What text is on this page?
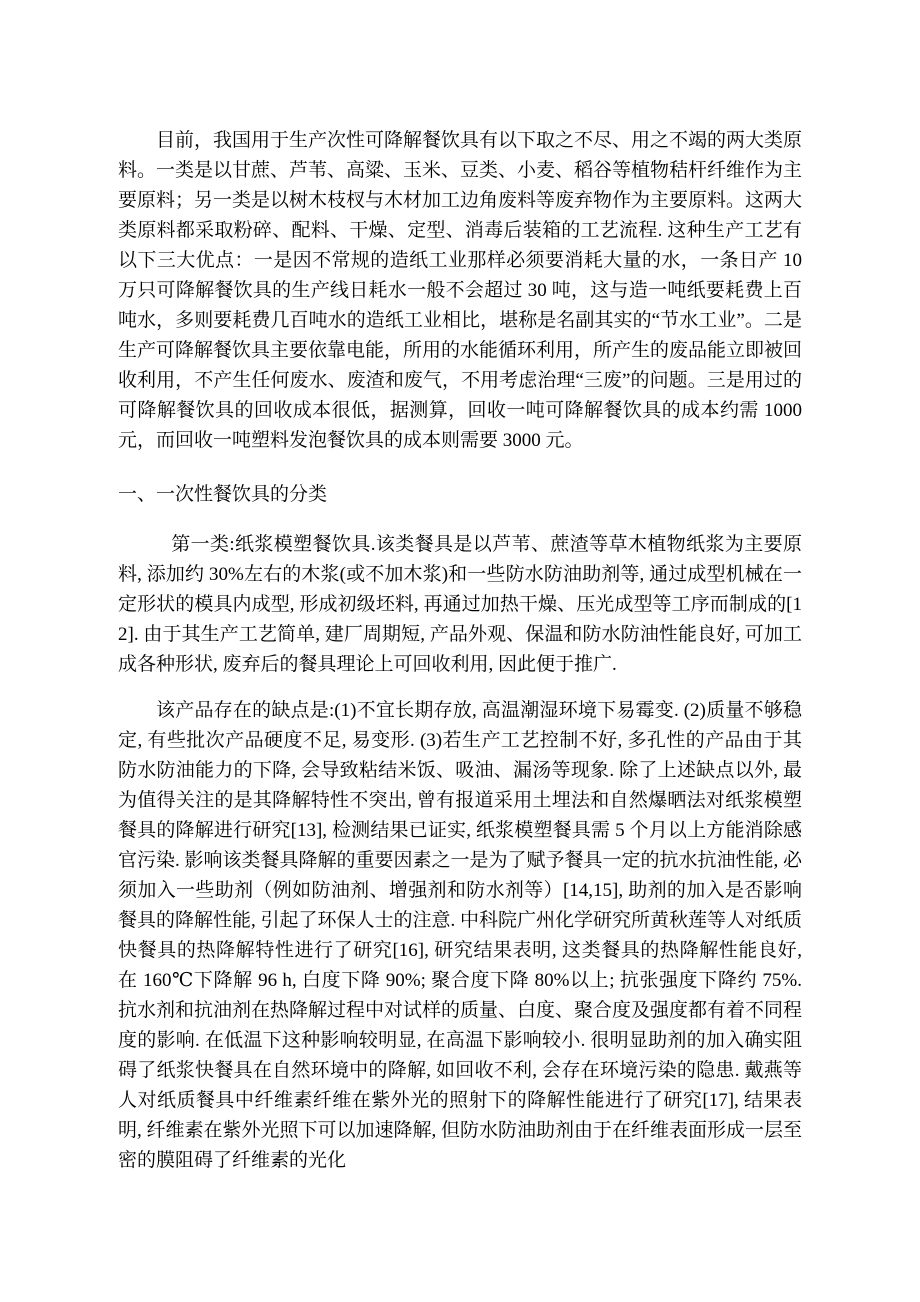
目前，我国用于生产次性可降解餐饮具有以下取之不尽、用之不竭的两大类原料。一类是以甘蔗、芦苇、高粱、玉米、豆类、小麦、稻谷等植物秸杆纤维作为主要原料；另一类是以树木枝杈与木材加工边角废料等废弃物作为主要原料。这两大类原料都采取粉碎、配料、干燥、定型、消毒后装箱的工艺流程. 这种生产工艺有以下三大优点：一是因不常规的造纸工业那样必须要消耗大量的水，一条日产 10 万只可降解餐饮具的生产线日耗水一般不会超过 30 吨，这与造一吨纸要耗费上百吨水，多则要耗费几百吨水的造纸工业相比，堪称是名副其实的“节水工业”。二是生产可降解餐饮具主要依靠电能，所用的水能循环利用，所产生的废品能立即被回收利用，不产生任何废水、废渣和废气，不用考虑治理“三废”的问题。三是用过的可降解餐饮具的回收成本很低，据测算，回收一吨可降解餐饮具的成本约需 1000 元，而回收一吨塑料发泡餐饮具的成本则需要 3000 元。

一、一次性餐饮具的分类

第一类:纸浆模塑餐饮具.该类餐具是以芦苇、蔗渣等草木植物纸浆为主要原料, 添加约 30%左右的木浆(或不加木浆)和一些防水防油助剂等, 通过成型机械在一定形状的模具内成型, 形成初级坯料, 再通过加热干燥、压光成型等工序而制成的[12]. 由于其生产工艺简单, 建厂周期短, 产品外观、保温和防水防油性能良好, 可加工成各种形状, 废弃后的餐具理论上可回收利用, 因此便于推广.

该产品存在的缺点是:(1)不宜长期存放, 高温潮湿环境下易霉变. (2)质量不够稳定, 有些批次产品硬度不足, 易变形. (3)若生产工艺控制不好, 多孔性的产品由于其防水防油能力的下降, 会导致粘结米饭、吸油、漏汤等现象. 除了上述缺点以外, 最为值得关注的是其降解特性不突出, 曾有报道采用土埋法和自然爆晒法对纸浆模塑餐具的降解进行研究[13], 检测结果已证实, 纸浆模塑餐具需 5 个月以上方能消除感官污染. 影响该类餐具降解的重要因素之一是为了赋予餐具一定的抗水抗油性能, 必须加入一些助剂（例如防油剂、增强剂和防水剂等）[14,15], 助剂的加入是否影响餐具的降解性能, 引起了环保人士的注意. 中科院广州化学研究所黄秋莲等人对纸质快餐具的热降解特性进行了研究[16], 研究结果表明, 这类餐具的热降解性能良好, 在 160℃下降解 96 h, 白度下降 90%; 聚合度下降 80%以上; 抗张强度下降约 75%. 抗水剂和抗油剂在热降解过程中对试样的质量、白度、聚合度及强度都有着不同程度的影响. 在低温下这种影响较明显, 在高温下影响较小. 很明显助剂的加入确实阻碍了纸浆快餐具在自然环境中的降解, 如回收不利, 会存在环境污染的隐患. 戴燕等人对纸质餐具中纤维素纤维在紫外光的照射下的降解性能进行了研究[17], 结果表明, 纤维素在紫外光照下可以加速降解, 但防水防油助剂由于在纤维表面形成一层至密的膜阻碍了纤维素的光化
